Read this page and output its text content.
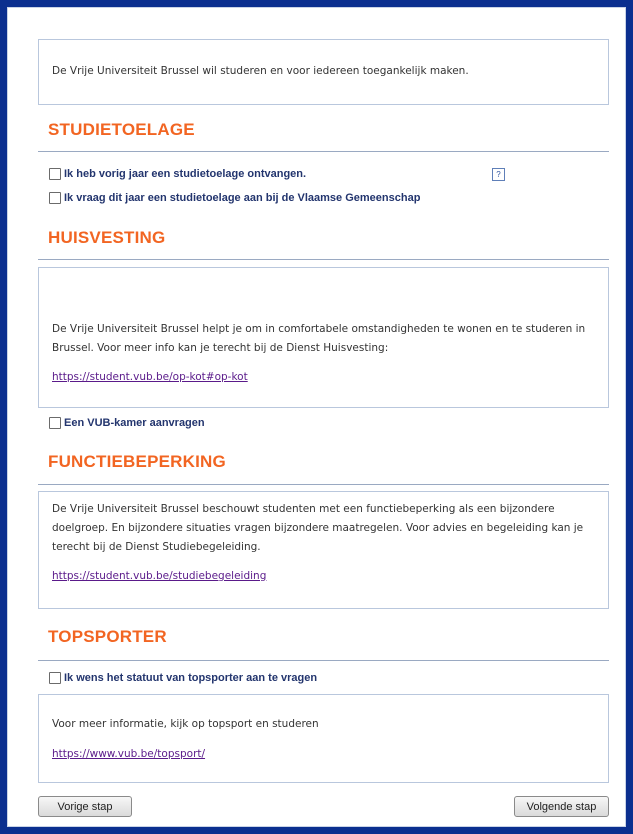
De Vrije Universiteit Brussel wil studeren en voor iedereen toegankelijk maken.

STUDIETOELAGE
Ik heb vorig jaar een studietoelage ontvangen.	?
Ik vraag dit jaar een studietoelage aan bij de Vlaamse Gemeenschap
HUISVESTING

De Vrije Universiteit Brussel helpt je om in comfortabele omstandigheden te wonen en te studeren in Brussel. Voor meer info kan je terecht bij de Dienst Huisvesting:

https://student.vub.be/op-kot#op-kot

Een VUB-kamer aanvragen
FUNCTIEBEPERKING

De Vrije Universiteit Brussel beschouwt studenten met een functiebeperking als een bijzondere doelgroep. En bijzondere situaties vragen bijzondere maatregelen. Voor advies en begeleiding kan je terecht bij de Dienst Studiebegeleiding.

https://student.vub.be/studiebegeleiding

TOPSPORTER
Ik wens het statuut van topsporter aan te vragen

Voor meer informatie, kijk op topsport en studeren

https://www.vub.be/topsport/

Vorige stap	Volgende stap
